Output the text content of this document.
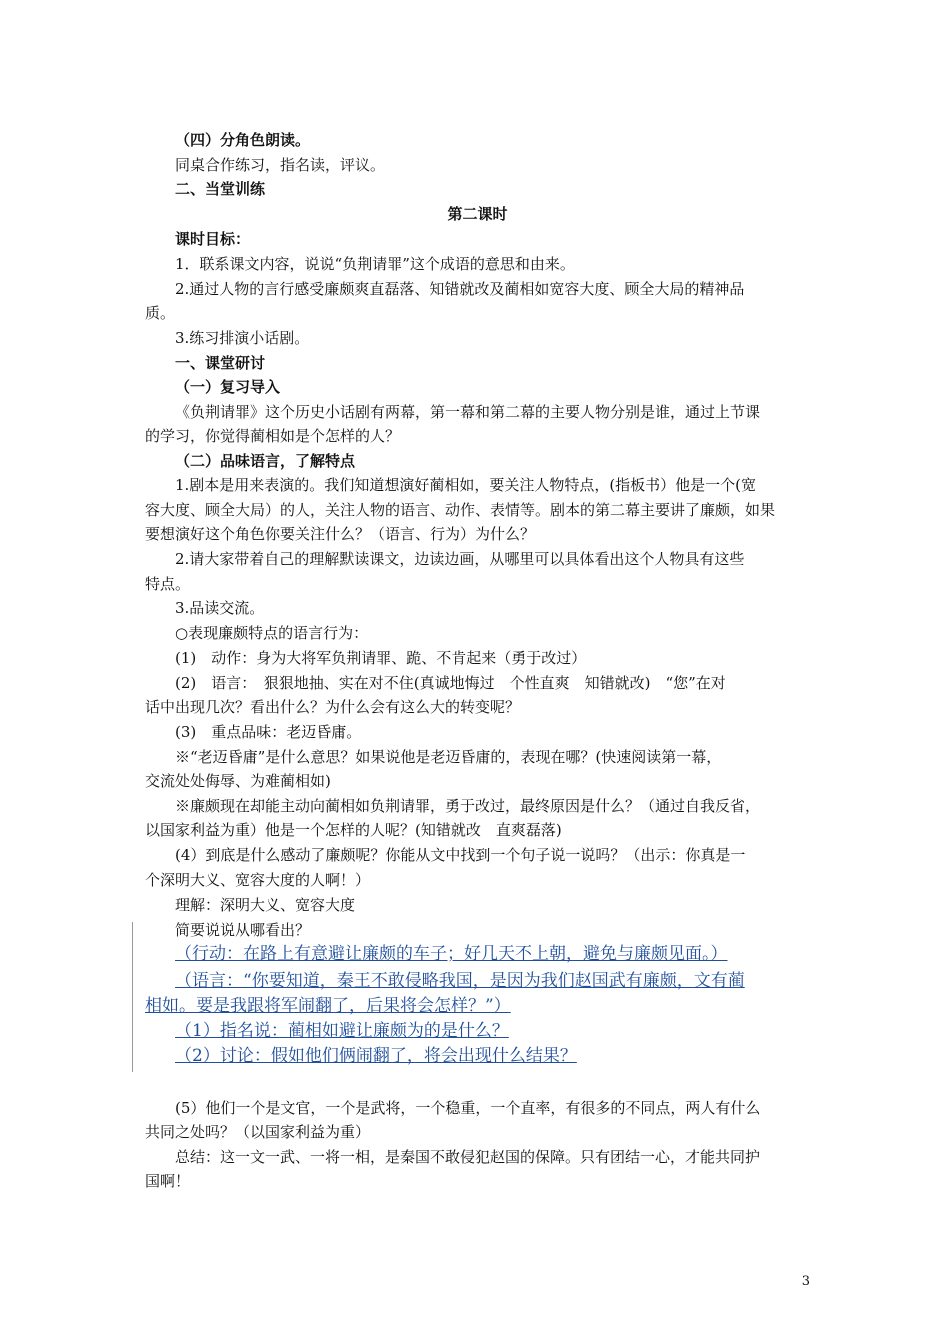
（四）分角色朗读。
同桌合作练习，指名读，评议。
二、当堂训练
第二课时
课时目标：
1．联系课文内容，说说“负荆请罪”这个成语的意思和由来。
2.通过人物的言行感受廉颇爽直磊落、知错就改及蔺相如宽容大度、顾全大局的精神品
质。
3.练习排演小话剧。
一、课堂研讨
（一）复习导入
《负荆请罪》这个历史小话剧有两幕，第一幕和第二幕的主要人物分别是谁，通过上节课
的学习，你觉得蔺相如是个怎样的人？
（二）品味语言，了解特点
1.剧本是用来表演的。我们知道想演好蔺相如，要关注人物特点，(指板书）他是一个(宽
容大度、顾全大局）的人，关注人物的语言、动作、表情等。剧本的第二幕主要讲了廉颇，如果
要想演好这个角色你要关注什么？（语言、行为）为什么？
2.请大家带着自己的理解默读课文，边读边画，从哪里可以具体看出这个人物具有这些
特点。
3.品读交流。
○表现廉颇特点的语言行为：
(1)　动作：身为大将军负荆请罪、跪、不肯起来（勇于改过）
(2)　语言：　狠狠地抽、实在对不住(真诚地悔过　个性直爽　知错就改)　“您”在对
话中出现几次？看出什么？为什么会有这么大的转变呢？
(3)　重点品味：老迈昏庸。
※“老迈昏庸”是什么意思？如果说他是老迈昏庸的，表现在哪？(快速阅读第一幕，
交流处处侮辱、为难蔺相如)
※廉颇现在却能主动向蔺相如负荆请罪，勇于改过，最终原因是什么？（通过自我反省，
以国家利益为重）他是一个怎样的人呢？(知错就改　直爽磊落)
(4）到底是什么感动了廉颇呢？你能从文中找到一个句子说一说吗？（出示：你真是一
个深明大义、宽容大度的人啊！）
理解：深明大义、宽容大度
简要说说从哪看出？
（行动：在路上有意避让廉颇的车子；好几天不上朝，避免与廉颇见面。）
（语言：“你要知道，秦王不敢侵略我国，是因为我们赵国武有廉颇，文有蔺
相如。要是我跟将军闹翻了，后果将会怎样？”）
（1）指名说：蔺相如避让廉颇为的是什么？
（2）讨论：假如他们俩闹翻了，将会出现什么结果？
(5）他们一个是文官，一个是武将，一个稳重，一个直率，有很多的不同点，两人有什么
共同之处吗？（以国家利益为重）
总结：这一文一武、一将一相，是秦国不敢侵犯赵国的保障。只有团结一心，才能共同护
国啊！
3
